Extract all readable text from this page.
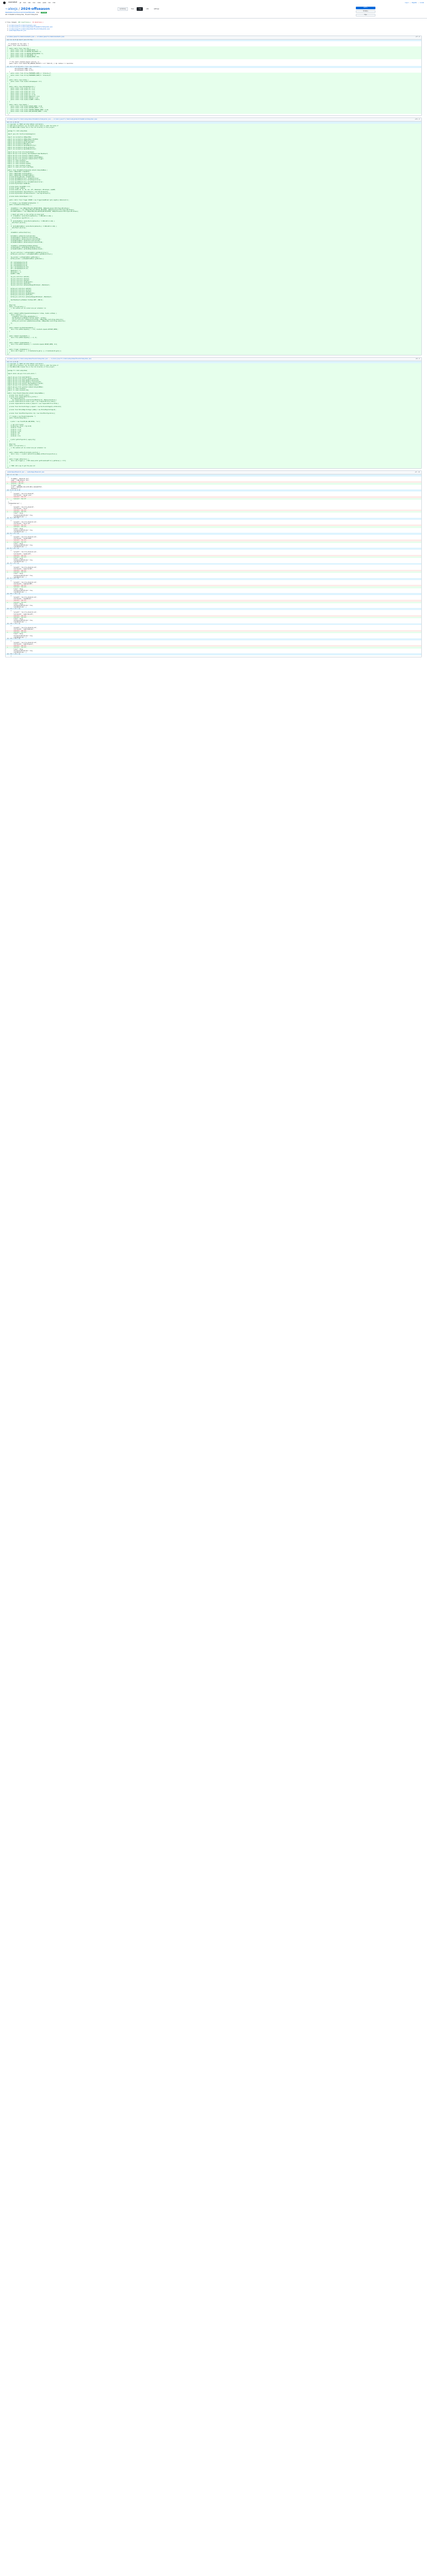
sourcehut git todo lists man meta paste hub chat	Log in — Register — Locale
~alexjs / 2024-offseason	summary	tree	log	refs	settings
patch ▸
browse ▸
log ▸
38a0d4b0b4cd4c0fb3c0c1b37c8c9e0f89d1e0ba Alex	browse
Add IntakeRollerSubsystem, ElevatorSubsystem
4 files changed, 269 insertions(+), 19 deletions(-)
M src/main/java/frc/robot/Constants.java
M src/main/java/frc/robot/subsystems/IntakeRollerSubsystem.java
M src/main/java/frc/robot/subsystems/ElevatorSubsystem.java
M vendordeps/Phoenix6.json
src/main/java/frc/robot/Constants.java → src/main/java/frc/robot/Constants.java	+27 −0
@@ -8,6 +8,32 @@ import java.util.Map;

/** Constants for the robot. */
public final class Constants {
+
+  public static final class IDs {
+    public static final int INTAKE_MOTOR = 1;
+    public static final int BOTTOM_TOP_MOTOR = 2;
+    public static final int BOTTOM_BOTTOM_MOTOR = 3;
+    public static final int ARM_MOTOR = 4;
+    public static final int ROLLER_MOTOR = 10;
+  }

/** The robot's maximum angular velocity, in
public static final double MAX_ANGULAR_VELOCITY = 1.0 * Math.PI; // 2pi radians = 1 revolution

@@ -44,6 +77,26 @@ public final class Constants {
entry(Elevator.HOME, 0.0),
entry(Elevator.STOW, 15.0));
}
+    public static final String FRONTWHEEL_NAME_A = "Armscale_A";
+    public static final String FRONTWHEEL_NAME_B = "Armscale_B";
+  }
+
+  public static class Intake {
+    public static final double kIntakeSpeed = 0.5;
+  }
+
+  public static class OuttakeSetpoints {
+    public static final double kP = 0.1;
+    public static final double kI = 0.0;
+    public static final double kD = 0.0;
+    public static final double kS = 0.0;
+    public static final double kV = 0.12;
+    public static final double kMaxAccel = 0.0;
+    public static final double kMaxVel = 0.0;
+    public static final double minRPM = 3700.0;
+  }
+
+  public static class Speeds {
+    public static final double INTAKE_SPEED = 0.95;
+    public static final double OUTTAKE_SPEED = -0.5;
+    public static final double SHOOTER_FORWARD_SPEED = 0.95;
+    public static final double AMP_POSITION_SPEED = -0.95;
+  }
}
src/main/java/frc/robot/subsystems/IntakeRollerSubsystem.java → src/main/java/frc/robot/subsystems/IntakeRollerSubsystem.java	+151 −0
@@ -0,0 +1,151 @@
+// Copyright (c) FIRST and other WPILib contributors.
+// Open Source Software; you can modify and/or share it under the terms of
+// the WPILib BSD license file in the root directory of this project.
+
+package frc.robot.subsystems;
+
+import java.util.function.DoubleSupplier;
+
+import com.revrobotics.CANSparkMax;
+import com.revrobotics.CANSparkBase.IdleMode;
+import com.revrobotics.CANSparkLowLevel;
+import com.revrobotics.RelativeEncoder;
+import com.revrobotics.REVLibError;
+import com.revrobotics.SparkPIDController;
+import com.revrobotics.SparkLimitSwitch;
+import com.revrobotics.SparkPIDController;
+
+import edu.wpi.first.util.DigitalInput;
+import edu.wpi.first.wpilibj.smartdashboard.SmartDashboard;
+import edu.wpi.first.wpilibj2.command.Command;
+import edu.wpi.first.wpilibj2.command.SubsystemBase;
+import edu.wpi.first.wpilibj2.command.button.Trigger;
+import frc.robot.Constants;
+import frc.robot.Constants.IDs;
+import frc.robot.Constants.Speeds;
+import frc.robot.Constants.Intake;
+import frc.robot.util.Alert.AlertType;
+
+public class IntakeRollerSubsystem extends SubsystemBase {
+  public CANSparkMax intakeMotor;
+  public CANSparkMax bottomTopMotor;
+  public CANSparkMax bottomBottomMotor;
+  private RelativeEncoder intakeEncoder;
+  private SparkPIDController intakeController;
+  private SparkPIDController bottomTopController;
+  private SparkPIDController bottomBottomController;
+  private DigitalInput beamBreak;
+
+  private double targetRPM = 0.0;
+  private Trigger hasNote;
+  private double kP, kI, kD, kIz, kFF, kMaxOutput, kMinOutput, maxRPM;
+  private DigitalInput topLimitSwitch = new DigitalInput(0);
+  private DigitalInput bottomLimitSwitch = new DigitalInput(1);
+
+  private double defaultSpeed = 0.0;
+
+  public static final Trigger INTAKE = new Trigger(beamBreak::get).negate().debounce(0.1);
+
+  /** Creates a new IntakeRollerSubsystem. */
+  public IntakeRollerSubsystem() {
+
+    intakeMotor = new CANSparkMax(IDs.INTAKE_MOTOR, CANSparkLowLevel.MotorType.kBrushless);
+    bottomTopMotor = new CANSparkMax(IDs.BOTTOM_TOP_MOTOR, CANSparkLowLevel.MotorType.kBrushless);
+    bottomBottomMotor = new CANSparkMax(IDs.BOTTOM_BOTTOM_MOTOR, CANSparkLowLevel.MotorType.kBrushless);
+
+    // Reset each motor so the configs are known-good
+    if (intakeMotor.restoreFactoryDefaults() != REVLibError.kOk) {
+      DriverStation.reportError(...);
+    }
+    if (bottomTopMotor.restoreFactoryDefaults() != REVLibError.kOk) {
+      motorFault.set(true);
+    }
+    if (bottomBottomMotor.restoreFactoryDefaults() != REVLibError.kOk) {
+      motorFault.set(true);
+    }
+
+    intakeMotor.setInverted(true);
+
+    bottomMotor.setSmartCurrentLimit(40);
+    outtakeTopMotor.setSmartCurrentLimit(40);
+    outtakeTopMotor.setSecondaryCurrentLimit(80);
+    outtakeBottomMotor.setSmartCurrentLimit(40);
+    outtakeBottomMotor.setSecondaryCurrentLimit(80);
+
+    intakeMotor.setIdleMode(IdleMode.kBrake);
+    outtakeTopMotor.setIdleMode(IdleMode.kCoast);
+    outtakeBottomMotor.setIdleMode(IdleMode.kCoast);
+
+    top_pid_controller = outtakeTopMotor.getPIDController();
+    bottom_pid_controller = outtakeBottomMotor.getPIDController();
+
+    top_encoder = outtakeTopMotor.getEncoder();
+    bottom_encoder = outtakeBottomMotor.getEncoder();
+
+    kP = OuttakeSetpoints.kP;
+    kI = OuttakeSetpoints.kI;
+    kD = OuttakeSetpoints.kD;
+    kIz = OuttakeSetpoints.kIz;
+    kFF = OuttakeSetpoints.kV;
+    kMaxOutput = 1;
+    kMinOutput = -1;
+    maxRPM = 5700;
+
+    top_pid_controller.setP(kP);
+    top_pid_controller.setI(kI);
+    top_pid_controller.setD(kD);
+    top_pid_controller.setIZone(kIz);
+    top_pid_controller.setFF(kFF);
+    top_pid_controller.setOutputRange(kMinOutput, kMaxOutput);
+
+    bottom_pid_controller.setP(kP);
+    bottom_pid_controller.setI(kI);
+    bottom_pid_controller.setD(kD);
+    bottom_pid_controller.setIZone(kIz);
+    bottom_pid_controller.setFF(kFF);
+    bottom_pid_controller.setOutputRange(kMinOutput, kMaxOutput);
+
+    SmartDashboard.putNumber("Outtake RPM", 2000.0);
+  }
+
+  @Override
+  public void periodic() {
+    // This method will be called once per scheduler run
+  }
+
+  public Command setMotorSpeeds(DoubleSupplier intake, double outtake) {
+    return runOnce(() -> {
+      intakeMotor.set(intake.getAsDouble());
+      SmartDashboard.putNumber("Outtake Speed", outtake);
+      top_pid_controller.setReference(outtake, CANSparkMax.ControlType.kVelocity);
+      bottom_pid_controller.setReference(outtake, CANSparkMax.ControlType.kVelocity);
+    });
+  }
+
+  public Command startOuttakeCommand() {
+    return this.setMotorSpeeds(() -> 0.0, Constants.Speeds.OUTTAKE_SPEED);
+  }
+
+
+  public Command stopCommand() {
+    return this.setMotorSpeeds(() -> 0, 0);
+  }
+
+  public Command intakeCommand() {
+    return this.setMotorSpeeds(() -> Constants.Speeds.INTAKE_SPEED, 0.0);
+  }
+
+  public Trigger intakeSensor() {
+    return new Trigger(() -> (!lineChecker1a.get()) || (!lineChecker1b.get()));
+  }
+}
src/main/java/frc/robot/subsystems/ElevatorSubsystem.java → src/main/java/frc/robot/subsystems/ElevatorSubsystem.java	+64 −0
@@ -0,0 +1,64 @@
+// Copyright (c) FIRST and other WPILib contributors.
+// Open Source Software; you can modify and/or share it under the terms of
+// the WPILib BSD license file in the root directory of this project.
+
+package frc.robot.subsystems;
+
+import static edu.wpi.first.units.Units.*;
+
+import edu.wpi.first.math.MathUtil;
+import edu.wpi.first.wpilibj.geometry.Pose2d;
+import edu.wpi.first.math.geometry.Rotation2d;
+import edu.wpi.first.math.geometry.Translation2d;
+import edu.wpi.first.wpilibj.smartdashboard.Field2d;
+import edu.wpi.first.wpilibj2.command.Command;
+import edu.wpi.first.wpilibj2.command.SubsystemBase;
+import frc.robot.Constants;
+import frc.robot.Constants.IDs;
+
+public class ElevatorSubsystem extends SubsystemBase {
+  private final TalonFX m_motor;
+  private final TrapezoidProfile m_profile =
+    new TrapezoidProfile(
+      new TrapezoidProfile.Constraints(kMaxVelocity, kMaxAcceleration));
+  private TrapezoidProfile.State m_goal = new TrapezoidProfile.State();
+  private TrapezoidProfile.State m_setpoint = new TrapezoidProfile.State();
+
+  private final PositionVoltage m_request = new PositionVoltage(0).withSlot(0);
+
+  private final MotionMagicVoltage m_mmReq = new MotionMagicVoltage(0);
+
+  private final TalonFXConfiguration cfg = new TalonFXConfiguration();
+
+  /** Creates a new ElevatorSubsystem. */
+  public ElevatorSubsystem() {
+
+    m_motor = new TalonFX(IDs.ARM_MOTOR, "rio");
+
+    // Set slot 0 gains
+    Slot0Configs slot0 = cfg.Slot0;
+    slot0.kS = 0.25;
+    slot0.kV = 0.12;
+    slot0.kA = 0.01;
+    slot0.kP = 60;
+    slot0.kI = 0;
+    slot0.kD = 0.5;
+
+    m_motor.getConfigurator().apply(cfg);
+  }
+
+  @Override
+  public void periodic() {
+    // This method will be called once per scheduler run
+  }
+
+  public Command setPosition(double position) {
+    return run(() -> m_motor.setControl(m_mmReq.withPosition(position)));
+  }
+
+  public Trigger atPosition() {
+    return new Trigger(() -> Math.abs(m_motor.getClosedLoopError().getValue()) < 0.5);
+  }
+
+  // TODO: Add a way to get the pose out
+}
vendordeps/Phoenix6.json → vendordeps/Phoenix6.json	+27 −19
@@ -1,7 +1,7 @@
{
"fileName": "Phoenix6.json",
"name": "CTRE-Phoenix (v6)",
-    "version": "24.1.0",
+    "version": "24.3.0",
"frcYear": 2024,
"uuid": "e995de00-2c64-4df5-8831-c1441420ff19",
"mavenUrls": [
@@ -19,14 +19,14 @@
{
"groupId": "com.ctre.phoenix6",
"artifactId": "wpiapi-java",
-        "version": "24.1.0"
+        "version": "24.3.0"
}
],
"jniDependencies": [
{
"groupId": "com.ctre.phoenix6",
"artifactId": "tools",
-        "version": "24.1.0",
+        "version": "24.3.0",
"isJar": false,
"skipInvalidPlatforms": true,
"validPlatforms": [
@@ -39,7 +39,7 @@
{
"groupId": "com.ctre.phoenix6.sim",
"artifactId": "tools-sim",
-        "version": "24.1.0",
+        "version": "24.3.0",
"isJar": false,
"skipInvalidPlatforms": true,
"validPlatforms": [
@@ -52,7 +52,7 @@
{
"groupId": "com.ctre.phoenix6.sim",
"artifactId": "simTalonSRX",
-        "version": "24.1.0",
+        "version": "24.3.0",
"isJar": false,
"skipInvalidPlatforms": true,
"validPlatforms": [
@@ -65,7 +65,7 @@
{
"groupId": "com.ctre.phoenix6.sim",
"artifactId": "simTalonFX",
-        "version": "24.1.0",
+        "version": "24.3.0",
"isJar": false,
"skipInvalidPlatforms": true,
"validPlatforms": [
@@ -78,7 +78,7 @@
{
"groupId": "com.ctre.phoenix6.sim",
"artifactId": "simVictorSPX",
-        "version": "24.1.0",
+        "version": "24.3.0",
"isJar": false,
"skipInvalidPlatforms": true,
"validPlatforms": [
@@ -91,7 +91,7 @@
{
"groupId": "com.ctre.phoenix6.sim",
"artifactId": "simPigeonIMU",
-        "version": "24.1.0",
+        "version": "24.3.0",
"isJar": false,
"skipInvalidPlatforms": true,
"validPlatforms": [
@@ -104,7 +104,7 @@
{
"groupId": "com.ctre.phoenix6.sim",
"artifactId": "simCANCoder",
-        "version": "24.1.0",
+        "version": "24.3.0",
"isJar": false,
"skipInvalidPlatforms": true,
"validPlatforms": [
@@ -117,7 +117,7 @@
{
"groupId": "com.ctre.phoenix6.sim",
"artifactId": "simProTalonFX",
-        "version": "24.1.0",
+        "version": "24.3.0",
"isJar": false,
"skipInvalidPlatforms": true,
"validPlatforms": [
@@ -130,7 +130,7 @@
{
"groupId": "com.ctre.phoenix6.sim",
"artifactId": "simProCANcoder",
-        "version": "24.1.0",
+        "version": "24.3.0",
"isJar": false,
"skipInvalidPlatforms": true,
"validPlatforms": [
@@ -143,7 +143,7 @@
{
"groupId": "com.ctre.phoenix6.sim",
"artifactId": "simProPigeon2",
-        "version": "24.1.0",
+        "version": "24.3.0",
"isJar": false,
"skipInvalidPlatforms": true,
"validPlatforms": [
@@ -156,7 +156,7 @@
{
